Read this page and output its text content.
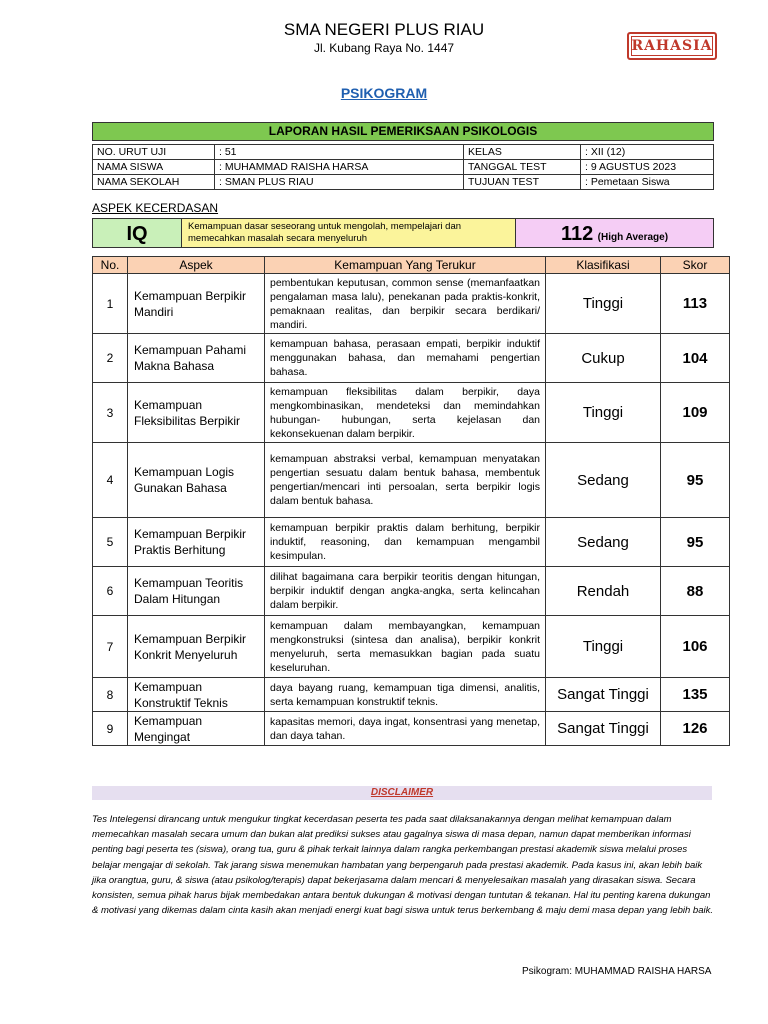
SMA NEGERI PLUS RIAU
Jl. Kubang Raya No. 1447	RAHASIA
PSIKOGRAM
LAPORAN HASIL PEMERIKSAAN PSIKOLOGIS
NO. URUT UJI	: 51	KELAS	: XII (12)
NAMA SISWA	: MUHAMMAD RAISHA HARSA	TANGGAL TEST	: 9 AGUSTUS 2023
NAMA SEKOLAH	: SMAN PLUS RIAU	TUJUAN TEST	: Pemetaan Siswa
ASPEK KECERDASAN
IQ	Kemampuan dasar seseorang untuk mengolah, mempelajari dan memecahkan masalah secara menyeluruh	112 (High Average)
No.	Aspek	Kemampuan Yang Terukur	Klasifikasi	Skor
1	Kemampuan Berpikir Mandiri	pembentukan keputusan, common sense (memanfaatkan pengalaman masa lalu), penekanan pada praktis-konkrit, pemaknaan realitas, dan berpikir secara berdikari/ mandiri.	Tinggi	113
2	Kemampuan Pahami Makna Bahasa	kemampuan bahasa, perasaan empati, berpikir induktif menggunakan bahasa, dan memahami pengertian bahasa.	Cukup	104
3	Kemampuan Fleksibilitas Berpikir	kemampuan fleksibilitas dalam berpikir, daya mengkombinasikan, mendeteksi dan memindahkan hubungan- hubungan, serta kejelasan dan kekonsekuenan dalam berpikir.	Tinggi	109
4	Kemampuan Logis Gunakan Bahasa	kemampuan abstraksi verbal, kemampuan menyatakan pengertian sesuatu dalam bentuk bahasa, membentuk pengertian/mencari inti persoalan, serta berpikir logis dalam bentuk bahasa.	Sedang	95
5	Kemampuan Berpikir Praktis Berhitung	kemampuan berpikir praktis dalam berhitung, berpikir induktif, reasoning, dan kemampuan mengambil kesimpulan.	Sedang	95
6	Kemampuan Teoritis Dalam Hitungan	dilihat bagaimana cara berpikir teoritis dengan hitungan, berpikir induktif dengan angka-angka, serta kelincahan dalam berpikir.	Rendah	88
7	Kemampuan Berpikir Konkrit Menyeluruh	kemampuan dalam membayangkan, kemampuan mengkonstruksi (sintesa dan analisa), berpikir konkrit menyeluruh, serta memasukkan bagian pada suatu keseluruhan.	Tinggi	106
8	Kemampuan Konstruktif Teknis	daya bayang ruang, kemampuan tiga dimensi, analitis, serta kemampuan konstruktif teknis.	Sangat Tinggi	135
9	Kemampuan Mengingat	kapasitas memori, daya ingat, konsentrasi yang menetap, dan daya tahan.	Sangat Tinggi	126
DISCLAIMER
Tes Intelegensi dirancang untuk mengukur tingkat kecerdasan peserta tes pada saat dilaksanakannya dengan melihat kemampuan dalam memecahkan masalah secara umum dan bukan alat prediksi sukses atau gagalnya siswa di masa depan, namun dapat memberikan informasi penting bagi peserta tes (siswa), orang tua, guru & pihak terkait lainnya dalam rangka perkembangan prestasi akademik siswa melalui proses belajar mengajar di sekolah. Tak jarang siswa menemukan hambatan yang berpengaruh pada prestasi akademik. Pada kasus ini, akan lebih baik jika orangtua, guru, & siswa (atau psikolog/terapis) dapat bekerjasama dalam mencari & menyelesaikan masalah yang dirasakan siswa. Secara konsisten, semua pihak harus bijak membedakan antara bentuk dukungan & motivasi dengan tuntutan & tekanan. Hal itu penting karena dukungan & motivasi yang dikemas dalam cinta kasih akan menjadi energi kuat bagi siswa untuk terus berkembang & maju demi masa depan yang lebih baik.
Psikogram: MUHAMMAD RAISHA HARSA
